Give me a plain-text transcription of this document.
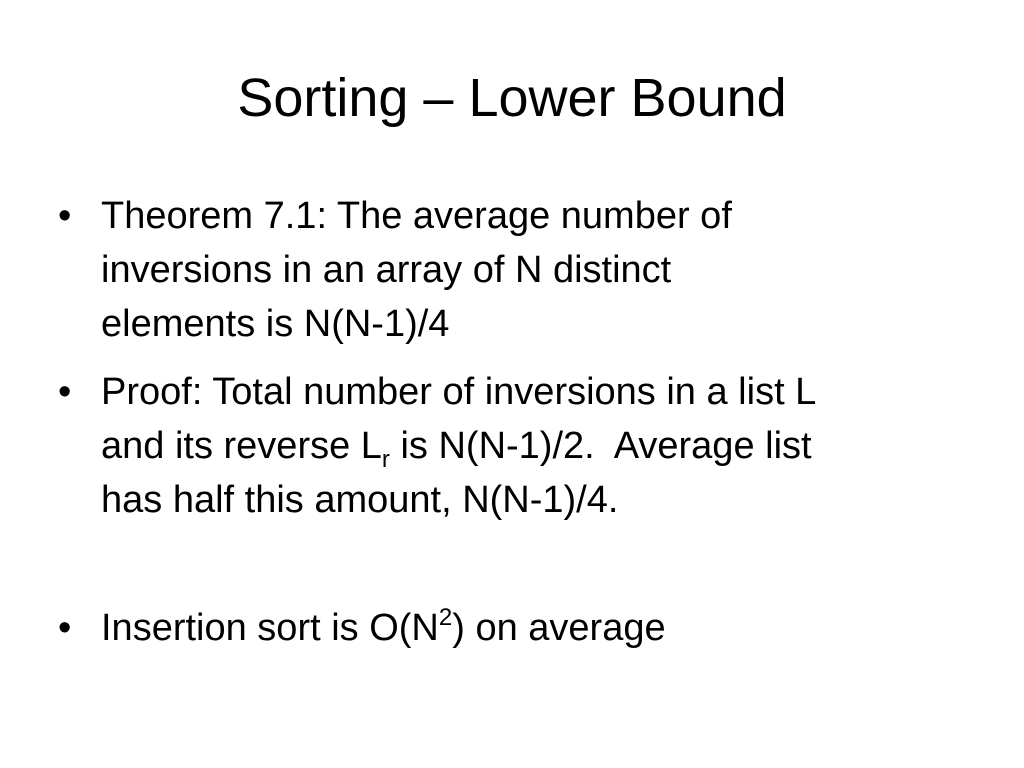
Sorting – Lower Bound
• Theorem 7.1: The average number of
inversions in an array of N distinct
elements is N(N-1)/4
• Proof: Total number of inversions in a list L
and its reverse $L_r$ is N(N-1)/2.  Average list
has half this amount, N(N-1)/4.
• Insertion sort is $O(N^2)$ on average
